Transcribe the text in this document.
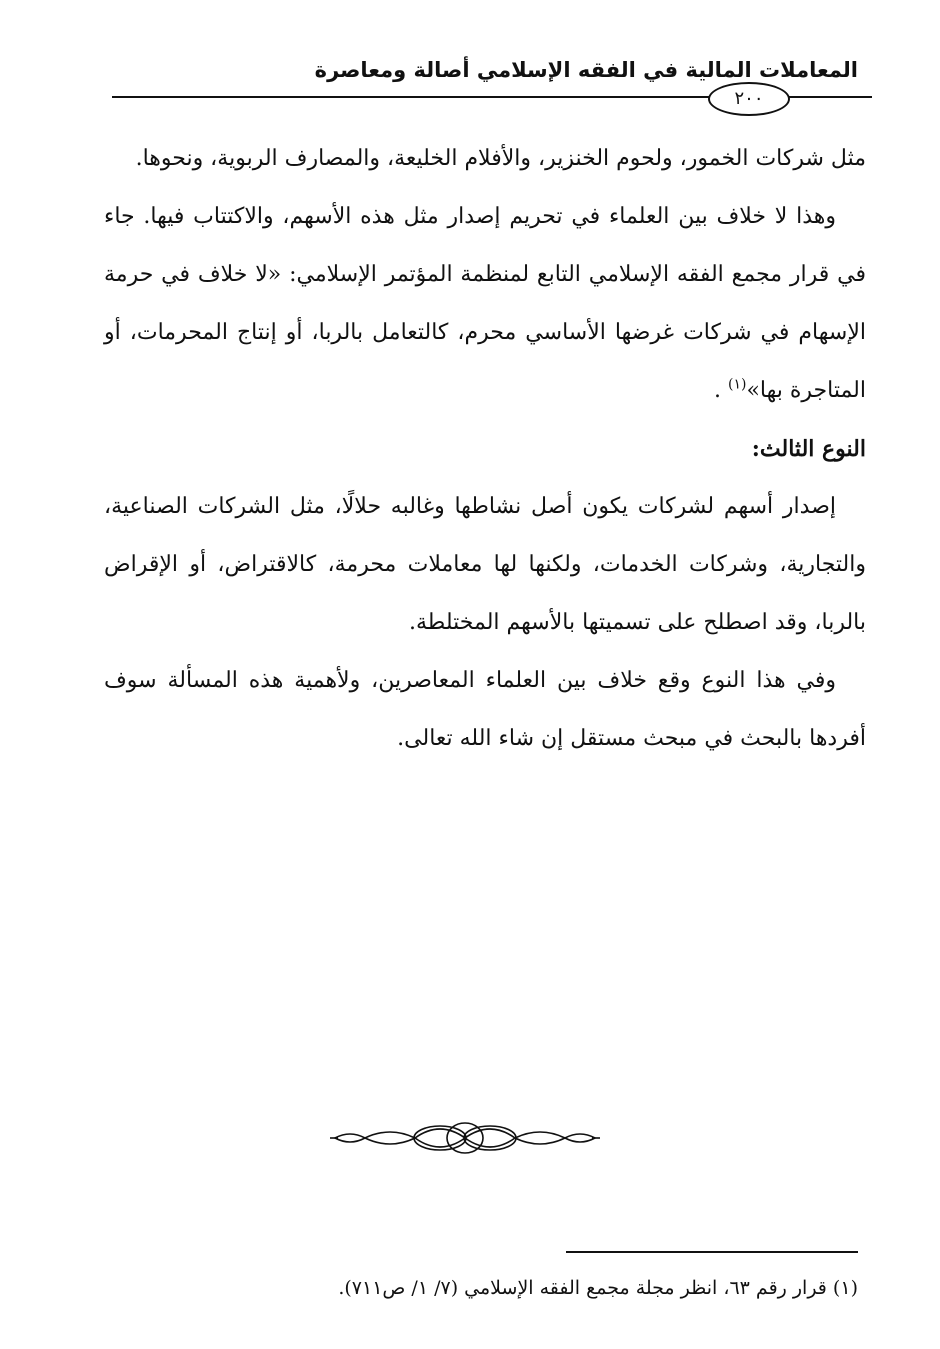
المعاملات المالية في الفقه الإسلامي أصالة ومعاصرة
٢٠٠

مثل شركات الخمور، ولحوم الخنزير، والأفلام الخليعة، والمصارف الربوية، ونحوها.

وهذا لا خلاف بين العلماء في تحريم إصدار مثل هذه الأسهم، والاكتتاب فيها. جاء في قرار مجمع الفقه الإسلامي التابع لمنظمة المؤتمر الإسلامي: «لا خلاف في حرمة الإسهام في شركات غرضها الأساسي محرم، كالتعامل بالربا، أو إنتاج المحرمات، أو المتاجرة بها»$^{(١)}$ .

النوع الثالث:

إصدار أسهم لشركات يكون أصل نشاطها وغالبه حلالًا، مثل الشركات الصناعية، والتجارية، وشركات الخدمات، ولكنها لها معاملات محرمة، كالاقتراض، أو الإقراض بالربا، وقد اصطلح على تسميتها بالأسهم المختلطة.

وفي هذا النوع وقع خلاف بين العلماء المعاصرين، ولأهمية هذه المسألة سوف أفردها بالبحث في مبحث مستقل إن شاء الله تعالى.

(١) قرار رقم ٦٣، انظر مجلة مجمع الفقه الإسلامي (٧/ ١/ ص٧١١).
